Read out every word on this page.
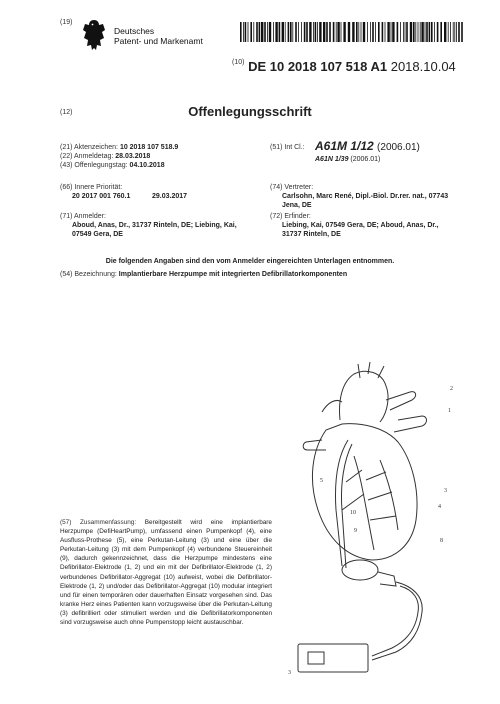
(19)
Deutsches
Patent- und Markenamt
$^{(10)}$ DE 10 2018 107 518 A1 2018.10.04
(12)	Offenlegungsschrift
(21) Aktenzeichen: 10 2018 107 518.9
(22) Anmeldetag: 28.03.2018
(43) Offenlegungstag: 04.10.2018
(51) Int Cl.: A61M 1/12 (2006.01)
A61N 1/39 (2006.01)
(66) Innere Priorität:
20 2017 001 760.1	29.03.2017
(74) Vertreter:
Carlsohn, Marc René, Dipl.-Biol. Dr.rer. nat., 07743
Jena, DE
(71) Anmelder:
Aboud, Anas, Dr., 31737 Rinteln, DE; Liebing, Kai,
07549 Gera, DE
(72) Erfinder:
Liebing, Kai, 07549 Gera, DE; Aboud, Anas, Dr.,
31737 Rinteln, DE
Die folgenden Angaben sind den vom Anmelder eingereichten Unterlagen entnommen.
(54) Bezeichnung: Implantierbare Herzpumpe mit integrierten Defibrillatorkomponenten
2
1
5
3
4
10
9
8
3
(57) Zusammenfassung: Bereitgestellt wird eine implantierbare Herzpumpe (DefiHeartPump), umfassend einen Pumpenkopf (4), eine Ausfluss-Prothese (5), eine Perkutan-Leitung (3) und eine über die Perkutan-Leitung (3) mit dem Pumpenkopf (4) verbundene Steuereinheit (9), dadurch gekennzeichnet, dass die Herzpumpe mindestens eine Defibrillator-Elektrode (1, 2) und ein mit der Defibrillator-Elektrode (1, 2) verbundenes Defibrillator-Aggregat (10) aufweist, wobei die Defibrillator-Elektrode (1, 2) und/oder das Defibrillator-Aggregat (10) modular integriert und für einen temporären oder dauerhaften Einsatz vorgesehen sind. Das kranke Herz eines Patienten kann vorzugsweise über die Perkutan-Leitung (3) defibrilliert oder stimuliert werden und die Defibrillatorkomponenten sind vorzugsweise auch ohne Pumpenstopp leicht austauschbar.
